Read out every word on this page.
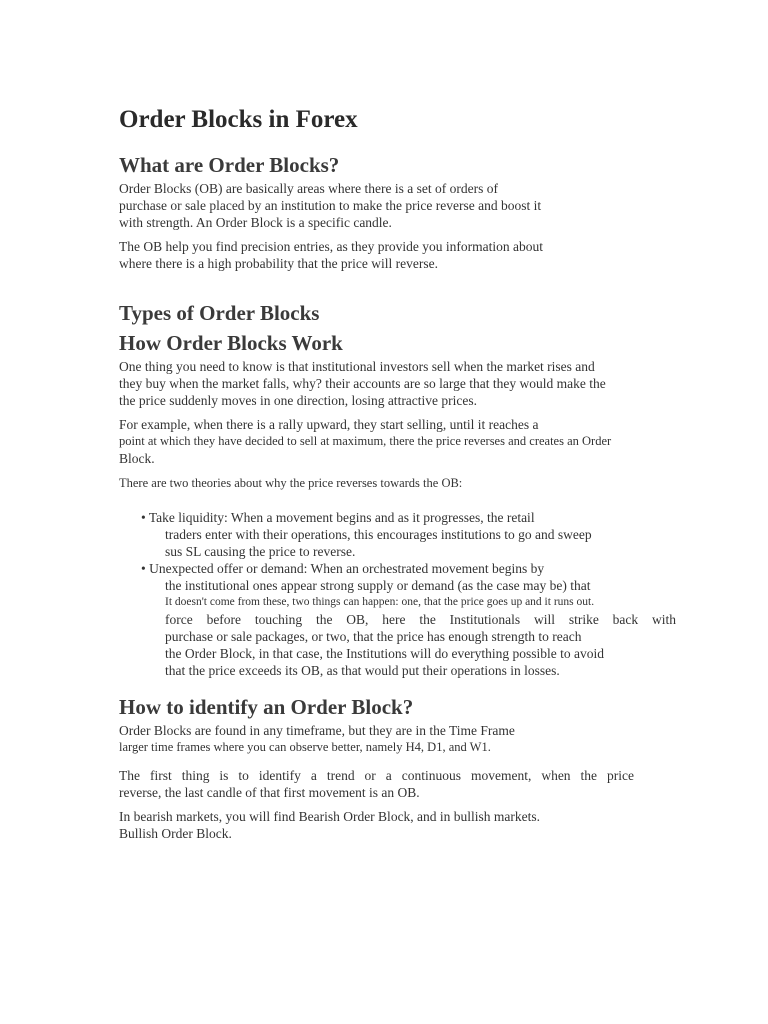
Order Blocks in Forex
What are Order Blocks?

Order Blocks (OB) are basically areas where there is a set of orders of
purchase or sale placed by an institution to make the price reverse and boost it
with strength. An Order Block is a specific candle.

The OB help you find precision entries, as they provide you information about
where there is a high probability that the price will reverse.

Types of Order Blocks
How Order Blocks Work

One thing you need to know is that institutional investors sell when the market rises and
they buy when the market falls, why? their accounts are so large that they would make the
the price suddenly moves in one direction, losing attractive prices.

For example, when there is a rally upward, they start selling, until it reaches a
point at which they have decided to sell at maximum, there the price reverses and creates an Order
Block.

There are two theories about why the price reverses towards the OB:

• Take liquidity: When a movement begins and as it progresses, the retail
traders enter with their operations, this encourages institutions to go and sweep
sus SL causing the price to reverse.
• Unexpected offer or demand: When an orchestrated movement begins by
the institutional ones appear strong supply or demand (as the case may be) that
It doesn't come from these, two things can happen: one, that the price goes up and it runs out.
force before touching the OB, here the Institutionals will strike back with
purchase or sale packages, or two, that the price has enough strength to reach
the Order Block, in that case, the Institutions will do everything possible to avoid
that the price exceeds its OB, as that would put their operations in losses.
How to identify an Order Block?

Order Blocks are found in any timeframe, but they are in the Time Frame
larger time frames where you can observe better, namely H4, D1, and W1.

The first thing is to identify a trend or a continuous movement, when the price
reverse, the last candle of that first movement is an OB.

In bearish markets, you will find Bearish Order Block, and in bullish markets.
Bullish Order Block.
